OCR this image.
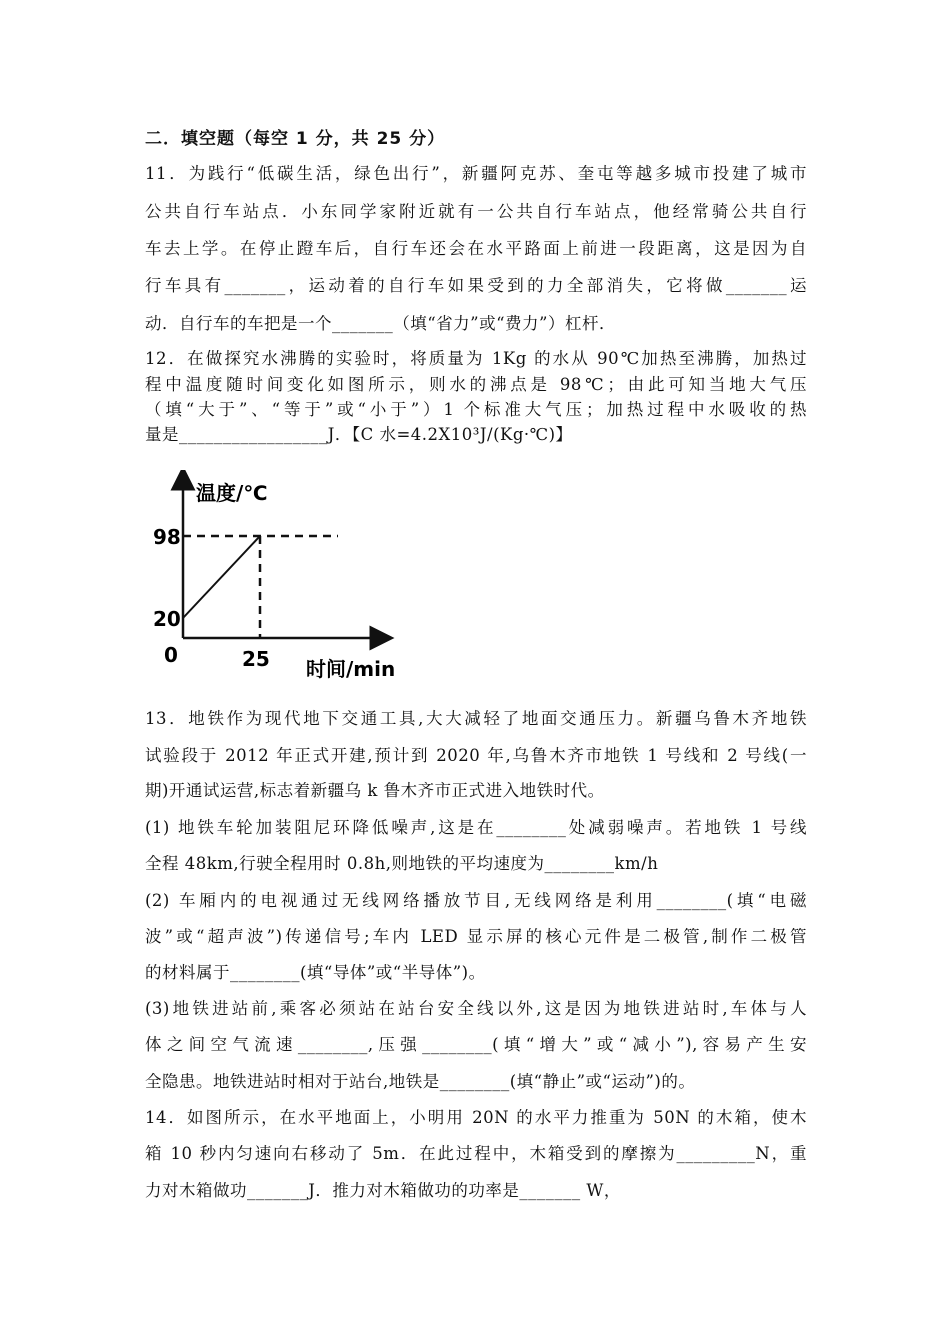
二．填空题（每空 1 分，共 25 分）
11．为践行“低碳生活，绿色出行”，新疆阿克苏、奎屯等越多城市投建了城市
公共自行车站点．小东同学家附近就有一公共自行车站点，他经常骑公共自行
车去上学。在停止蹬车后，自行车还会在水平路面上前进一段距离，这是因为自
行车具有_______，运动着的自行车如果受到的力全部消失，它将做_______运
动．自行车的车把是一个_______（填“省力”或“费力”）杠杆．
12．在做探究水沸腾的实验时，将质量为 1Kg 的水从 90℃加热至沸腾，加热过
程中温度随时间变化如图所示，则水的沸点是 98℃；由此可知当地大气压
（填“大于”、“等于”或“小于”）1 个标准大气压；加热过程中水吸收的热
量是_________________J．【C 水=4.2X10³J/(Kg·℃)】
温度/℃
98
20
0	25 时间/min
13．地铁作为现代地下交通工具,大大减轻了地面交通压力。新疆乌鲁木齐地铁
试验段于 2012 年正式开建,预计到 2020 年,乌鲁木齐市地铁 1 号线和 2 号线(一
期)开通试运营,标志着新疆乌 k 鲁木齐市正式进入地铁时代。
(1) 地铁车轮加装阻尼环降低噪声,这是在________处减弱噪声。若地铁 1 号线
全程 48km,行驶全程用时 0.8h,则地铁的平均速度为________km/h
(2) 车厢内的电视通过无线网络播放节目,无线网络是利用________(填“电磁
波”或“超声波”)传递信号;车内 LED 显示屏的核心元件是二极管,制作二极管
的材料属于________(填“导体”或“半导体”)。
(3)地铁进站前,乘客必须站在站台安全线以外,这是因为地铁进站时,车体与人
体之间空气流速________,压强________(填“增大”或“减小”),容易产生安
全隐患。地铁进站时相对于站台,地铁是________(填“静止”或“运动”)的。
14．如图所示，在水平地面上，小明用 20N 的水平力推重为 50N 的木箱，使木
箱 10 秒内匀速向右移动了 5m．在此过程中，木箱受到的摩擦为_________N，重
力对木箱做功_______J．推力对木箱做功的功率是_______ W，
